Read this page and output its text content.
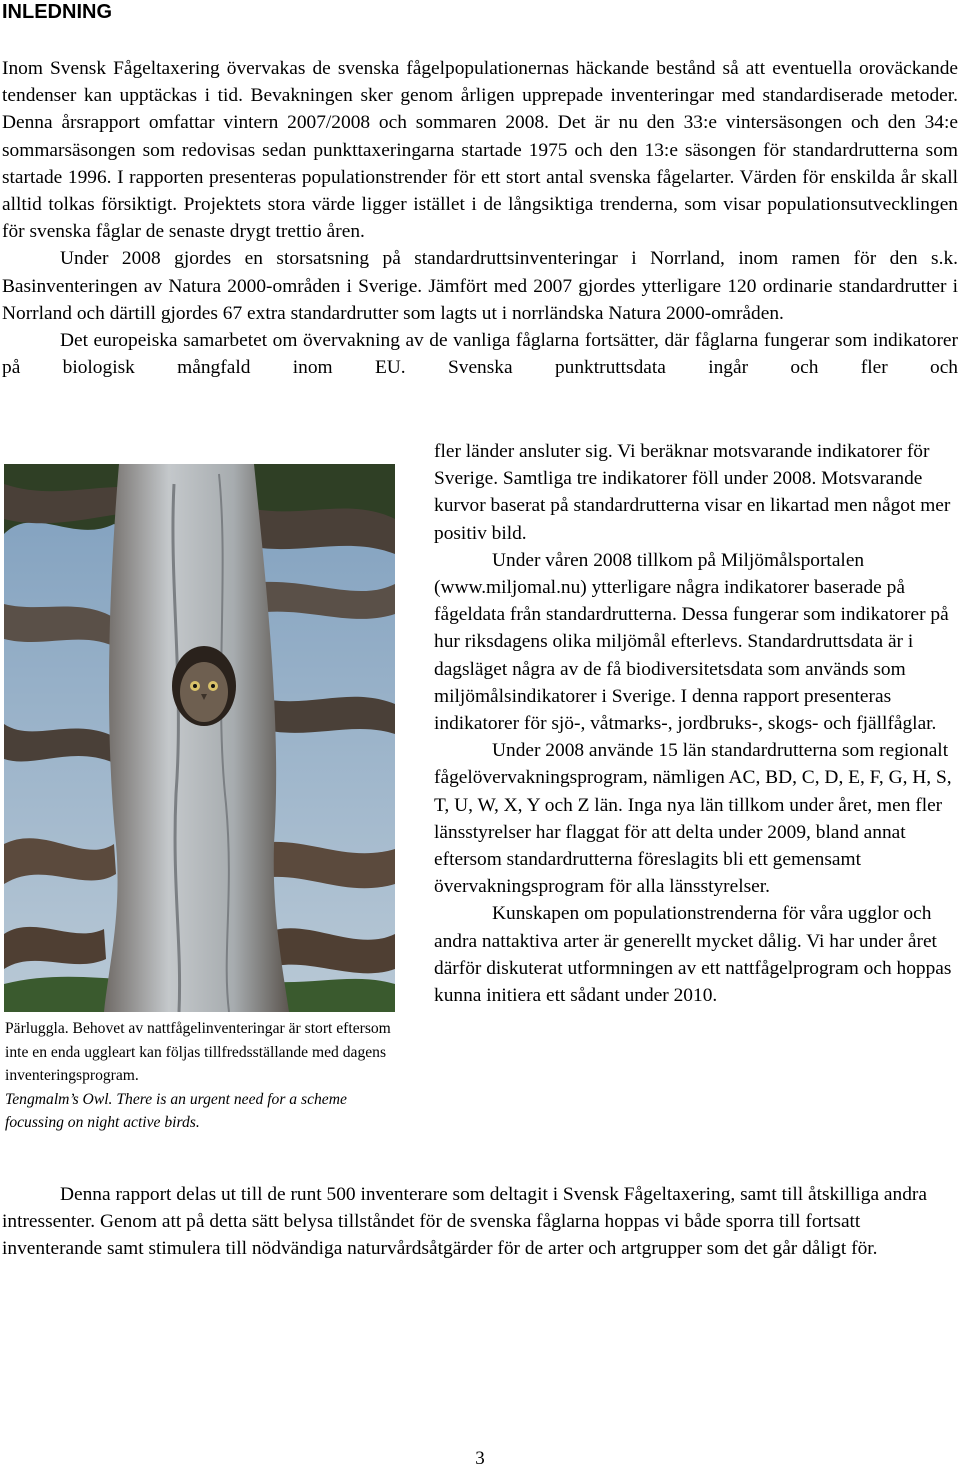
INLEDNING

Inom Svensk Fågeltaxering övervakas de svenska fågelpopulationernas häckande bestånd så att eventuella oroväckande tendenser kan upptäckas i tid. Bevakningen sker genom årligen upprepade inventeringar med standardiserade metoder. Denna årsrapport omfattar vintern 2007/2008 och sommaren 2008. Det är nu den 33:e vintersäsongen och den 34:e sommarsäsongen som redovisas sedan punkttaxeringarna startade 1975 och den 13:e säsongen för standardrutterna som startade 1996. I rapporten presenteras populationstrender för ett stort antal svenska fågelarter. Värden för enskilda år skall alltid tolkas försiktigt. Projektets stora värde ligger istället i de långsiktiga trenderna, som visar populationsutvecklingen för svenska fåglar de senaste drygt trettio åren.

Under 2008 gjordes en storsatsning på standardruttsinventeringar i Norrland, inom ramen för den s.k. Basinventeringen av Natura 2000-områden i Sverige. Jämfört med 2007 gjordes ytterligare 120 ordinarie standardrutter i Norrland och därtill gjordes 67 extra standardrutter som lagts ut i norrländska Natura 2000-områden.

Det europeiska samarbetet om övervakning av de vanliga fåglarna fortsätter, där fåglarna fungerar som indikatorer på biologisk mångfald inom EU. Svenska punktruttsdata ingår och fler och

Pärluggla. Behovet av nattfågelinventeringar är stort eftersom inte en enda uggleart kan följas tillfredsställande med dagens inventeringsprogram.
Tengmalm’s Owl. There is an urgent need for a scheme focussing on night active birds.

fler länder ansluter sig. Vi beräknar motsvarande indikatorer för Sverige. Samtliga tre indikatorer föll under 2008. Motsvarande kurvor baserat på standardrutterna visar en likartad men något mer positiv bild.

Under våren 2008 tillkom på Miljömålsportalen (www.miljomal.nu) ytterligare några indikatorer baserade på fågeldata från standardrutterna. Dessa fungerar som indikatorer på hur riksdagens olika miljömål efterlevs. Standardruttsdata är i dagsläget några av de få biodiversitetsdata som används som miljömålsindikatorer i Sverige. I denna rapport presenteras indikatorer för sjö-, våtmarks-, jordbruks-, skogs- och fjällfåglar.

Under 2008 använde 15 län standardrutterna som regionalt fågelövervakningsprogram, nämligen AC, BD, C, D, E, F, G, H, S, T, U, W, X, Y och Z län. Inga nya län tillkom under året, men fler länsstyrelser har flaggat för att delta under 2009, bland annat eftersom standardrutterna föreslagits bli ett gemensamt övervakningsprogram för alla länsstyrelser.

Kunskapen om populationstrenderna för våra ugglor och andra nattaktiva arter är generellt mycket dålig. Vi har under året därför diskuterat utformningen av ett nattfågelprogram och hoppas kunna initiera ett sådant under 2010.

Denna rapport delas ut till de runt 500 inventerare som deltagit i Svensk Fågeltaxering, samt till åtskilliga andra intressenter. Genom att på detta sätt belysa tillståndet för de svenska fåglarna hoppas vi både sporra till fortsatt inventerande samt stimulera till nödvändiga naturvårdsåtgärder för de arter och artgrupper som det går dåligt för.

3
